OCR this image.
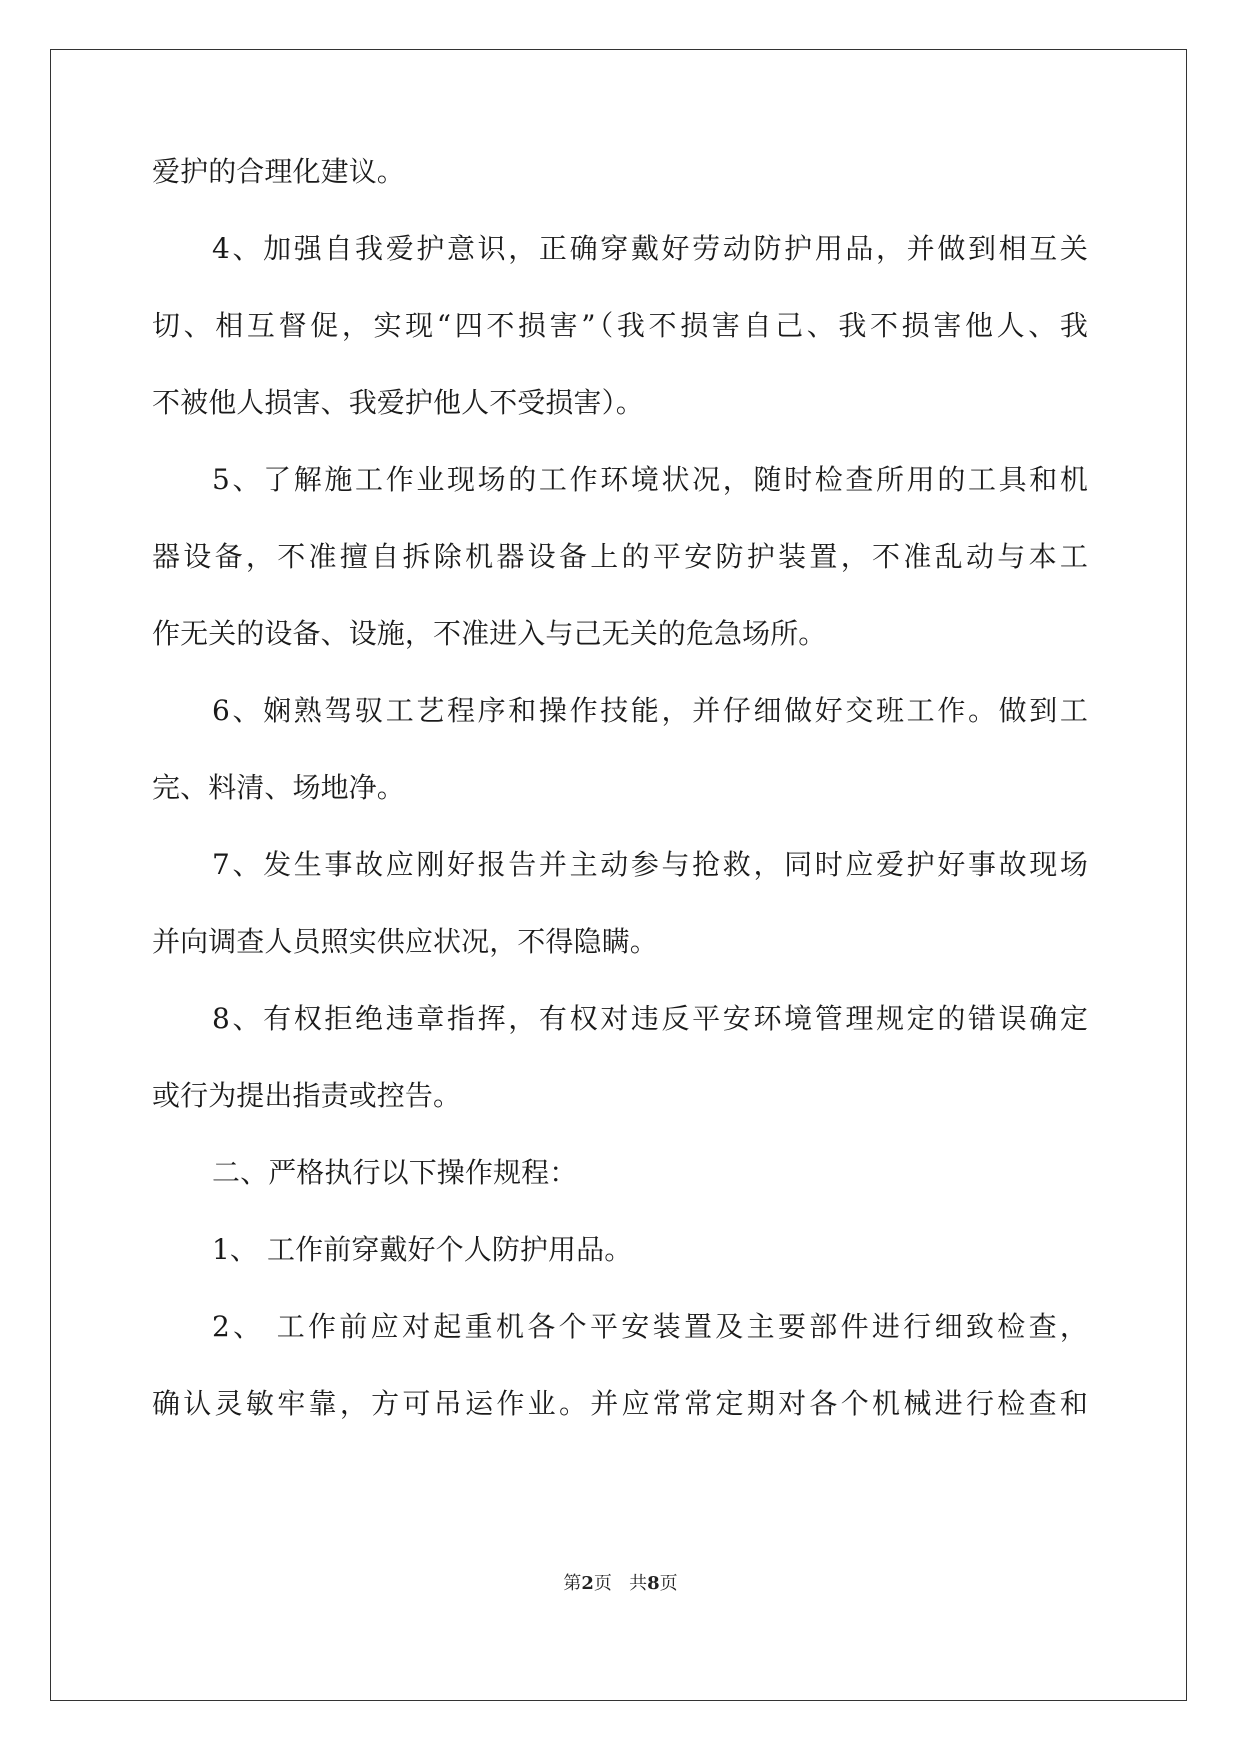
爱护的合理化建议。
4、加强自我爱护意识，正确穿戴好劳动防护用品，并做到相互关
切、相互督促，实现“四不损害”（我不损害自己、我不损害他人、我
不被他人损害、我爱护他人不受损害）。
5、了解施工作业现场的工作环境状况，随时检查所用的工具和机
器设备，不准擅自拆除机器设备上的平安防护装置，不准乱动与本工
作无关的设备、设施，不准进入与己无关的危急场所。
6、娴熟驾驭工艺程序和操作技能，并仔细做好交班工作。做到工
完、料清、场地净。
7、发生事故应刚好报告并主动参与抢救，同时应爱护好事故现场
并向调查人员照实供应状况，不得隐瞒。
8、有权拒绝违章指挥，有权对违反平安环境管理规定的错误确定
或行为提出指责或控告。
二、严格执行以下操作规程：
1、 工作前穿戴好个人防护用品。
2、 工作前应对起重机各个平安装置及主要部件进行细致检查，
确认灵敏牢靠，方可吊运作业。并应常常定期对各个机械进行检查和
第2页 共8页
